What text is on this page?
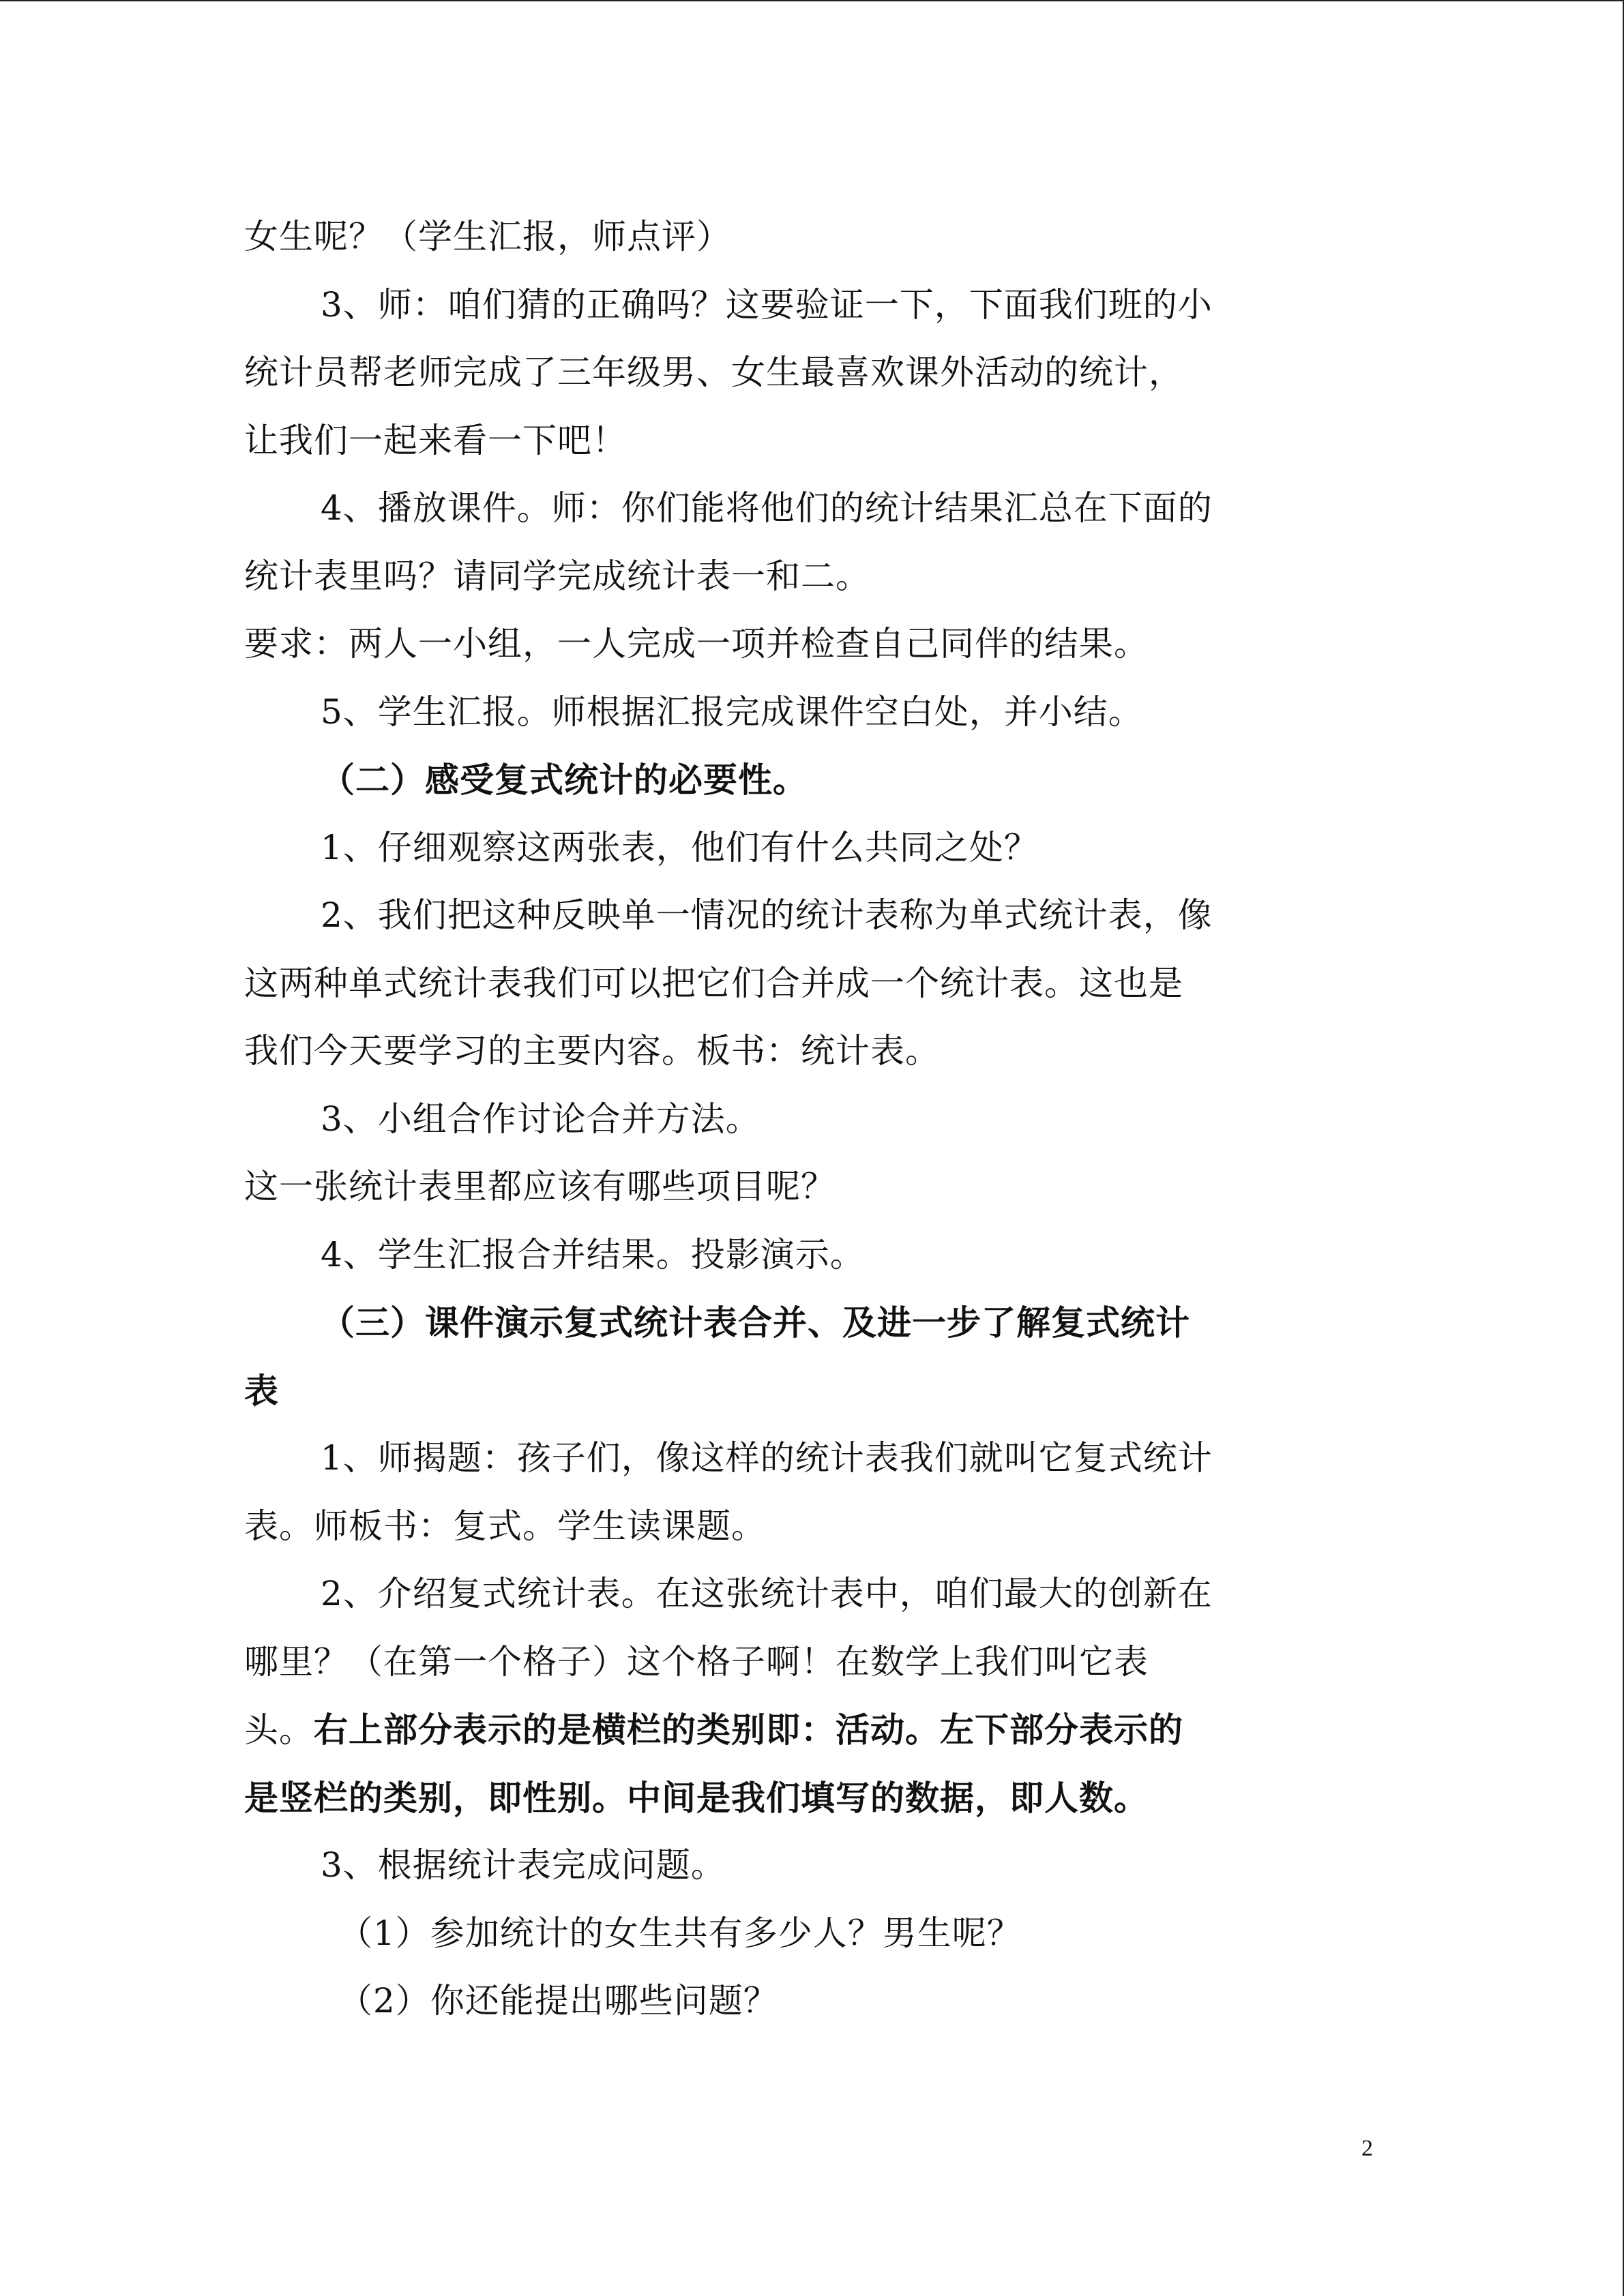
女生呢？（学生汇报，师点评）
3、师：咱们猜的正确吗？这要验证一下，下面我们班的小
统计员帮老师完成了三年级男、女生最喜欢课外活动的统计，
让我们一起来看一下吧！
4、播放课件。师：你们能将他们的统计结果汇总在下面的
统计表里吗？请同学完成统计表一和二。
要求：两人一小组，一人完成一项并检查自己同伴的结果。
5、学生汇报。师根据汇报完成课件空白处，并小结。
（二）感受复式统计的必要性。
1、仔细观察这两张表，他们有什么共同之处？
2、我们把这种反映单一情况的统计表称为单式统计表，像
这两种单式统计表我们可以把它们合并成一个统计表。这也是
我们今天要学习的主要内容。板书：统计表。
3、小组合作讨论合并方法。
这一张统计表里都应该有哪些项目呢？
4、学生汇报合并结果。投影演示。
（三）课件演示复式统计表合并、及进一步了解复式统计
表
1、师揭题：孩子们，像这样的统计表我们就叫它复式统计
表。师板书：复式。学生读课题。
2、介绍复式统计表。在这张统计表中，咱们最大的创新在
哪里？（在第一个格子）这个格子啊！在数学上我们叫它表
头。右上部分表示的是横栏的类别即：活动。左下部分表示的
是竖栏的类别，即性别。中间是我们填写的数据，即人数。
3、根据统计表完成问题。
（1）参加统计的女生共有多少人？男生呢？
（2）你还能提出哪些问题？
2
